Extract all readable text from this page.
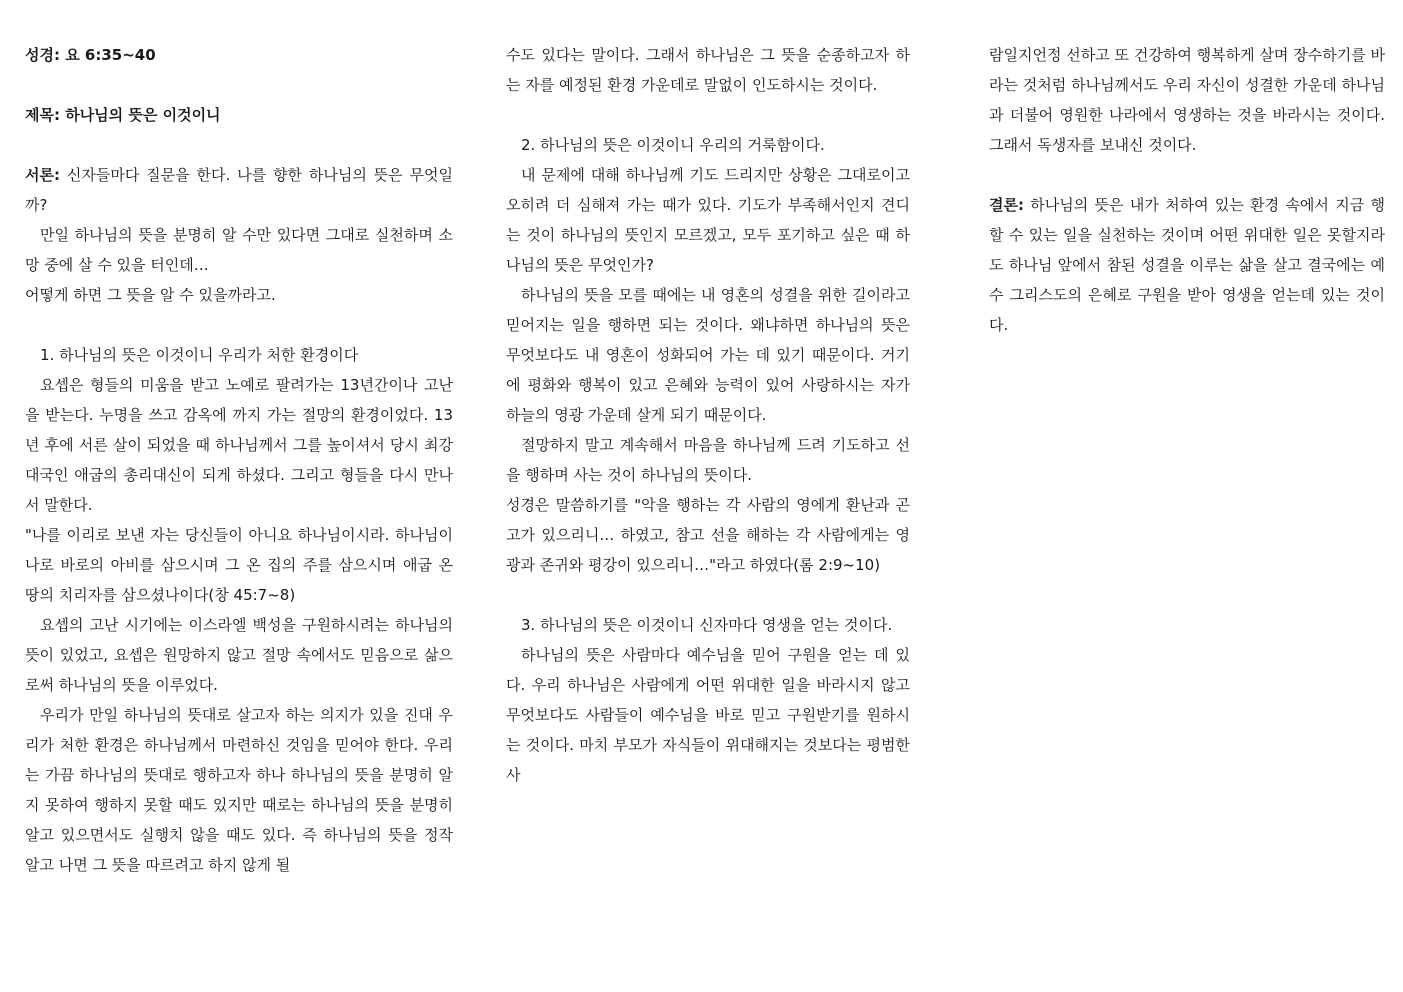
성경: 요 6:35~40

제목: 하나님의 뜻은 이것이니

서론: 신자들마다 질문을 한다. 나를 향한 하나님의 뜻은 무엇일까?

만일 하나님의 뜻을 분명히 알 수만 있다면 그대로 실천하며 소망 중에 살 수 있을 터인데…

어떻게 하면 그 뜻을 알 수 있을까라고.

1. 하나님의 뜻은 이것이니 우리가 처한 환경이다

요셉은 형들의 미움을 받고 노예로 팔려가는 13년간이나 고난을 받는다. 누명을 쓰고 감옥에 까지 가는 절망의 환경이었다. 13년 후에 서른 살이 되었을 때 하나님께서 그를 높이셔서 당시 최강대국인 애굽의 총리대신이 되게 하셨다. 그리고 형들을 다시 만나서 말한다.

"나를 이리로 보낸 자는 당신들이 아니요 하나님이시라. 하나님이 나로 바로의 아비를 삼으시며 그 온 집의 주를 삼으시며 애굽 온 땅의 치리자를 삼으셨나이다(창 45:7~8)

요셉의 고난 시기에는 이스라엘 백성을 구원하시려는 하나님의 뜻이 있었고, 요셉은 원망하지 않고 절망 속에서도 믿음으로 삶으로써 하나님의 뜻을 이루었다.

우리가 만일 하나님의 뜻대로 살고자 하는 의지가 있을 진대 우리가 처한 환경은 하나님께서 마련하신 것임을 믿어야 한다. 우리는 가끔 하나님의 뜻대로 행하고자 하나 하나님의 뜻을 분명히 알지 못하여 행하지 못할 때도 있지만 때로는 하나님의 뜻을 분명히 알고 있으면서도 실행치 않을 때도 있다. 즉 하나님의 뜻을 정작 알고 나면 그 뜻을 따르려고 하지 않게 될

수도 있다는 말이다. 그래서 하나님은 그 뜻을 순종하고자 하는 자를 예정된 환경 가운데로 말없이 인도하시는 것이다.

2. 하나님의 뜻은 이것이니 우리의 거룩함이다.

내 문제에 대해 하나님께 기도 드리지만 상황은 그대로이고 오히려 더 심해져 가는 때가 있다. 기도가 부족해서인지 견디는 것이 하나님의 뜻인지 모르겠고, 모두 포기하고 싶은 때 하나님의 뜻은 무엇인가?

하나님의 뜻을 모를 때에는 내 영혼의 성결을 위한 길이라고 믿어지는 일을 행하면 되는 것이다. 왜냐하면 하나님의 뜻은 무엇보다도 내 영혼이 성화되어 가는 데 있기 때문이다. 거기에 평화와 행복이 있고 은혜와 능력이 있어 사랑하시는 자가 하늘의 영광 가운데 살게 되기 때문이다.

절망하지 말고 계속해서 마음을 하나님께 드려 기도하고 선을 행하며 사는 것이 하나님의 뜻이다.

성경은 말씀하기를 "악을 행하는 각 사람의 영에게 환난과 곤고가 있으리니… 하였고, 참고 선을 해하는 각 사람에게는 영광과 존귀와 평강이 있으리니…"라고 하였다(롬 2:9~10)

3. 하나님의 뜻은 이것이니 신자마다 영생을 얻는 것이다.

하나님의 뜻은 사람마다 예수님을 믿어 구원을 얻는 데 있다. 우리 하나님은 사람에게 어떤 위대한 일을 바라시지 않고 무엇보다도 사람들이 예수님을 바로 믿고 구원받기를 원하시는 것이다. 마치 부모가 자식들이 위대해지는 것보다는 평범한 사

람일지언정 선하고 또 건강하여 행복하게 살며 장수하기를 바라는 것처럼 하나님께서도 우리 자신이 성결한 가운데 하나님과 더불어 영원한 나라에서 영생하는 것을 바라시는 것이다. 그래서 독생자를 보내신 것이다.

결론: 하나님의 뜻은 내가 처하여 있는 환경 속에서 지금 행할 수 있는 일을 실천하는 것이며 어떤 위대한 일은 못할지라도 하나님 앞에서 참된 성결을 이루는 삶을 살고 결국에는 예수 그리스도의 은혜로 구원을 받아 영생을 얻는데 있는 것이다.
